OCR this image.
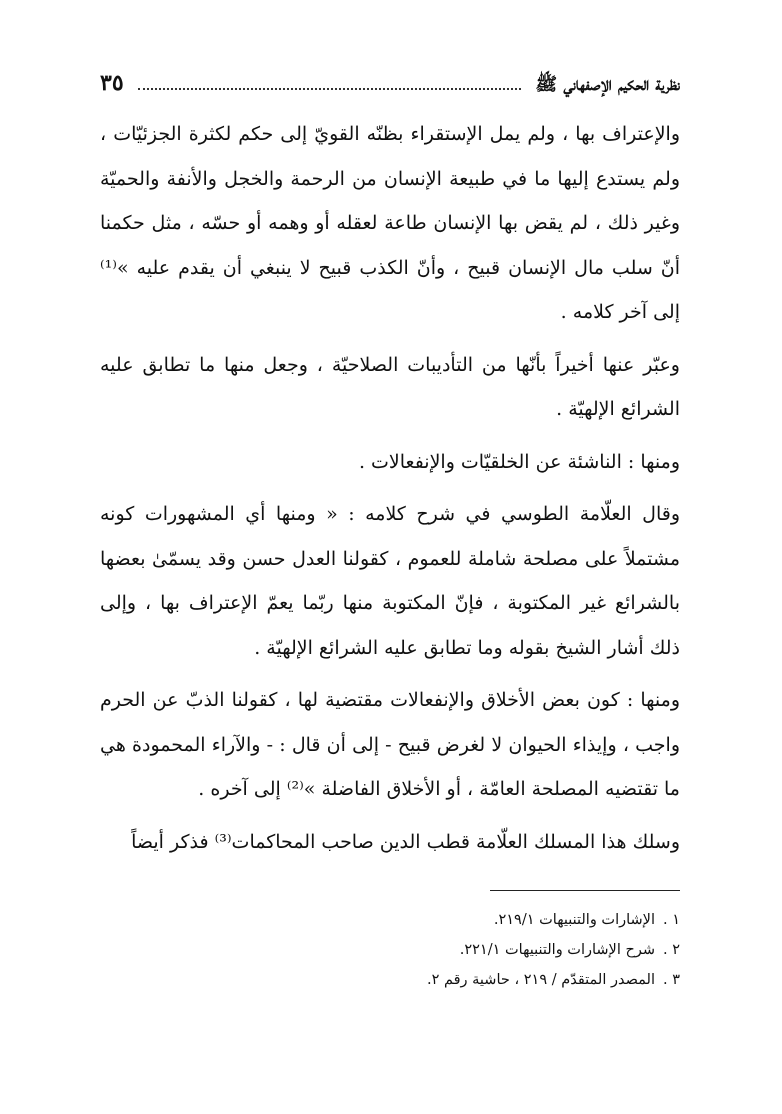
نظرية الحكيم الإصفهاني ﷺ
٣٥

والإعتراف بها ، ولم يمل الإستقراء بظنّه القويّ إلى حكم لكثرة الجزئيّات ، ولم يستدع إليها ما في طبيعة الإنسان من الرحمة والخجل والأنفة والحميّة وغير ذلك ، لم يقض بها الإنسان طاعة لعقله أو وهمه أو حسّه ، مثل حكمنا أنّ سلب مال الإنسان قبيح ، وأنّ الكذب قبيح لا ينبغي أن يقدم عليه »⁽¹⁾ إلى آخر كلامه .

وعبّر عنها أخيراً بأنّها من التأديبات الصلاحيّة ، وجعل منها ما تطابق عليه الشرائع الإلهيّة .

ومنها : الناشئة عن الخلقيّات والإنفعالات .

وقال العلّامة الطوسي في شرح كلامه : « ومنها أي المشهورات كونه مشتملاً على مصلحة شاملة للعموم ، كقولنا العدل حسن وقد يسمّىٰ بعضها بالشرائع غير المكتوبة ، فإنّ المكتوبة منها ربّما يعمّ الإعتراف بها ، وإلى ذلك أشار الشيخ بقوله وما تطابق عليه الشرائع الإلهيّة .

ومنها : كون بعض الأخلاق والإنفعالات مقتضية لها ، كقولنا الذبّ عن الحرم واجب ، وإيذاء الحيوان لا لغرض قبيح - إلى أن قال : - والآراء المحمودة هي ما تقتضيه المصلحة العامّة ، أو الأخلاق الفاضلة »⁽²⁾ إلى آخره .

وسلك هذا المسلك العلّامة قطب الدين صاحب المحاكمات⁽³⁾ فذكر أيضاً

١ .
الإشارات والتنبيهات ٢١٩/١.
٢ .
شرح الإشارات والتنبيهات ٢٢١/١.
٣ .
المصدر المتقدّم / ٢١٩ ، حاشية رقم ٢.
